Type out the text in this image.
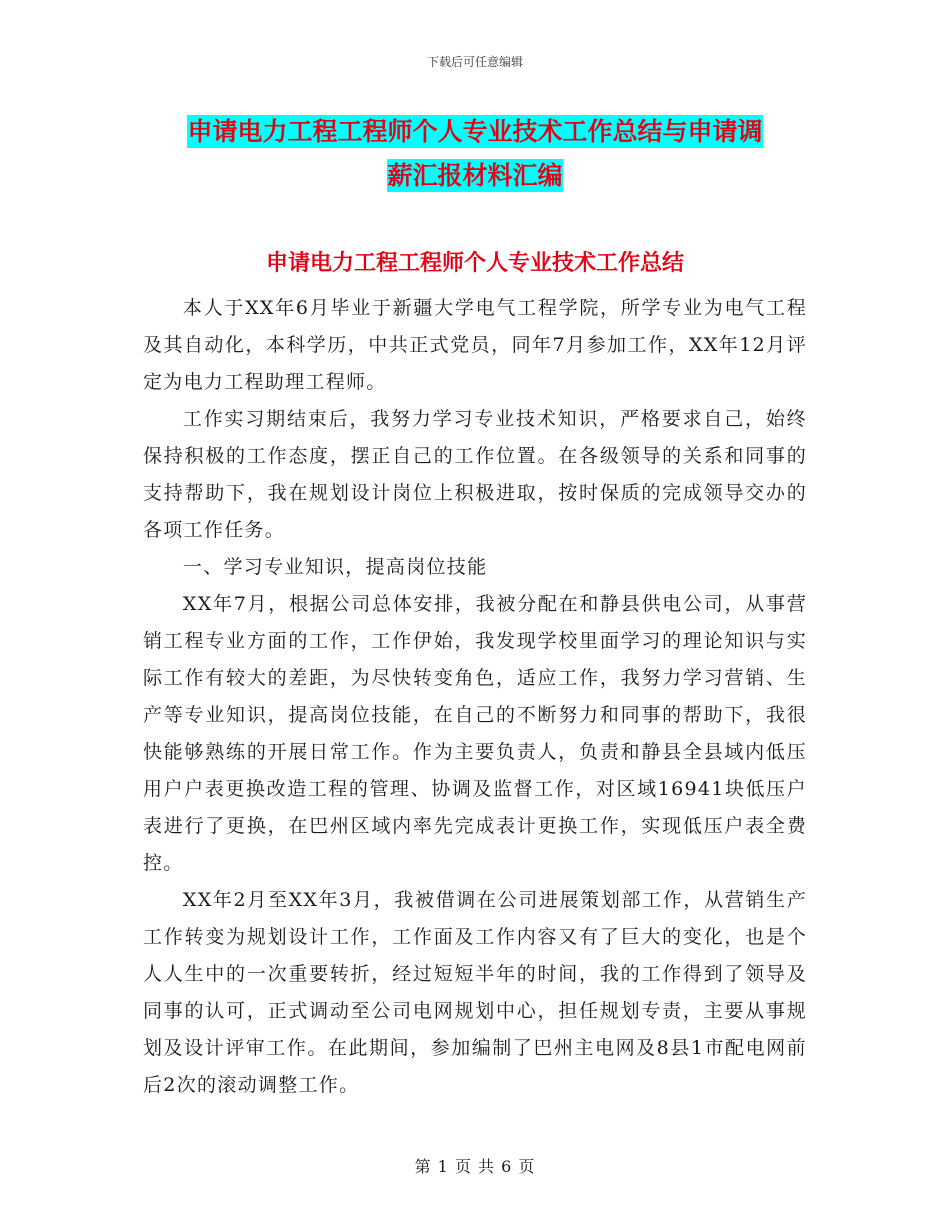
下载后可任意编辑
申请电力工程工程师个人专业技术工作总结与申请调
薪汇报材料汇编
申请电力工程工程师个人专业技术工作总结

本人于XX年6月毕业于新疆大学电气工程学院，所学专业为电气工程及其自动化，本科学历，中共正式党员，同年7月参加工作，XX年12月评定为电力工程助理工程师。

工作实习期结束后，我努力学习专业技术知识，严格要求自己，始终保持积极的工作态度，摆正自己的工作位置。在各级领导的关系和同事的支持帮助下，我在规划设计岗位上积极进取，按时保质的完成领导交办的各项工作任务。

一、学习专业知识，提高岗位技能

XX年7月，根据公司总体安排，我被分配在和静县供电公司，从事营销工程专业方面的工作，工作伊始，我发现学校里面学习的理论知识与实际工作有较大的差距，为尽快转变角色，适应工作，我努力学习营销、生产等专业知识，提高岗位技能，在自己的不断努力和同事的帮助下，我很快能够熟练的开展日常工作。作为主要负责人，负责和静县全县域内低压用户户表更换改造工程的管理、协调及监督工作，对区域16941块低压户表进行了更换，在巴州区域内率先完成表计更换工作，实现低压户表全费控。

XX年2月至XX年3月，我被借调在公司进展策划部工作，从营销生产工作转变为规划设计工作，工作面及工作内容又有了巨大的变化，也是个人人生中的一次重要转折，经过短短半年的时间，我的工作得到了领导及同事的认可，正式调动至公司电网规划中心，担任规划专责，主要从事规划及设计评审工作。在此期间，参加编制了巴州主电网及8县1市配电网前后2次的滚动调整工作。

第 1 页 共 6 页
